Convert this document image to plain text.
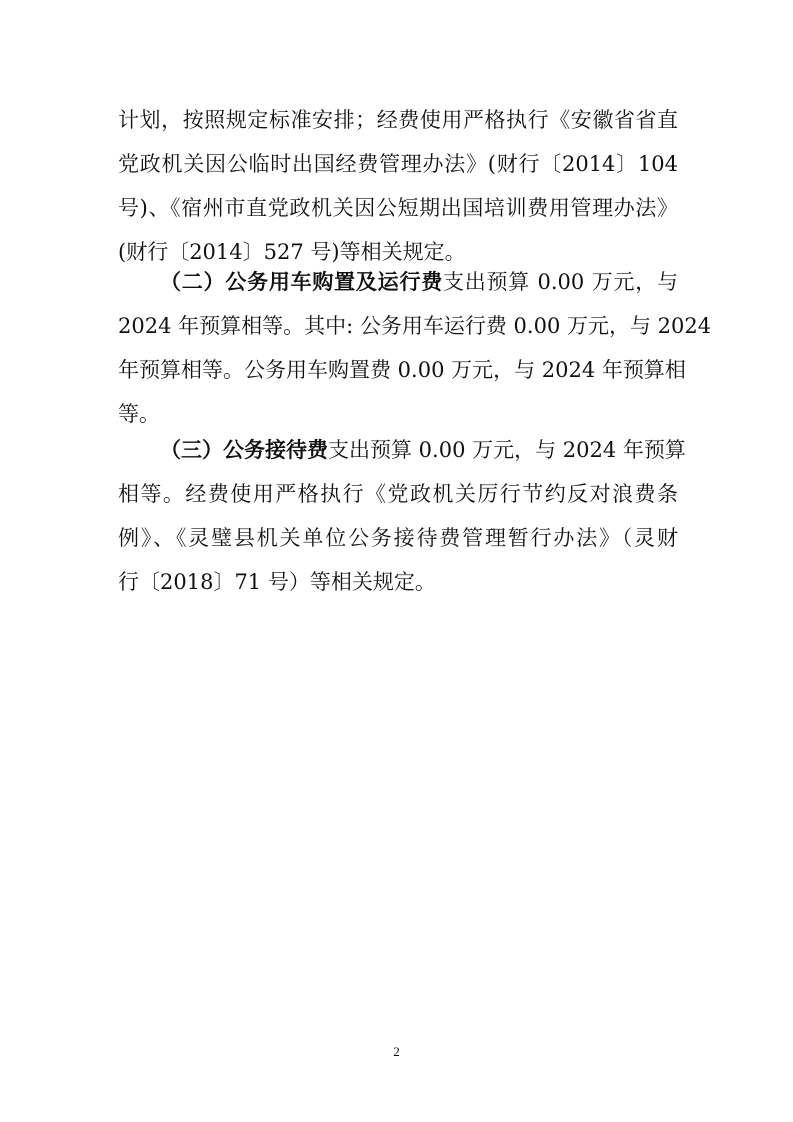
计划，按照规定标准安排；经费使用严格执行《安徽省省直
党政机关因公临时出国经费管理办法》(财行〔2014〕104
号)、《宿州市直党政机关因公短期出国培训费用管理办法》
(财行〔2014〕527 号)等相关规定。
（二）公务用车购置及运行费支出预算 0.00 万元，与
2024 年预算相等。其中: 公务用车运行费 0.00 万元，与 2024
年预算相等。公务用车购置费 0.00 万元，与 2024 年预算相
等。
（三）公务接待费支出预算 0.00 万元，与 2024 年预算
相等。经费使用严格执行《党政机关厉行节约反对浪费条
例》、《灵璧县机关单位公务接待费管理暂行办法》（灵财
行〔2018〕71 号）等相关规定。
2
